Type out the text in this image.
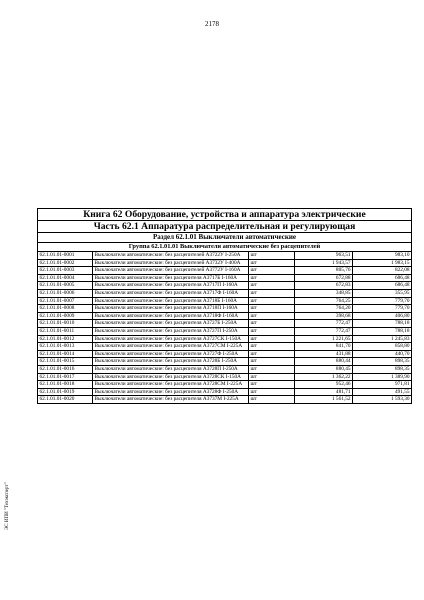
2178
ЭС ИПИ "Техэксперт"
Книга 62 Оборудование, устройства и аппаратура электрические				
Часть 62.1 Аппаратура распределительная и регулирующая				
Раздел 62.1.01 Выключатели автоматические				
Группа 62.1.01.01 Выключатели автоматические без расцепителей				
62.1.01.01-0001	Выключатели автоматические: без расцепителей А3722У I-250А	шт	963,51	983,10
62.1.01.01-0002	Выключатели автоматические: без расцепителей А3732У I-400А	шт	1 943,57	1 983,15
62.1.01.01-0003	Выключатели автоматические: без расцепителей А3772У I-160А	шт	805,76	822,08
62.1.01.01-0004	Выключатели автоматические: без расцепителя А3717Б I-160А	шт	672,88	686,48
62.1.01.01-0005	Выключатели автоматические: без расцепителя А3717П I-160А	шт	672,83	686,48
62.1.01.01-0006	Выключатели автоматические: без расцепителя А3717Ф I-160А	шт	348,85	355,95
62.1.01.01-0007	Выключатели автоматические: без расцепителя А3718Б I-160А	шт	764,25	779,70
62.1.01.01-0008	Выключатели автоматические: без расцепителя А3718П I-160А	шт	764,20	779,70
62.1.01.01-0009	Выключатели автоматические: без расцепителя А3718Ф I-160А	шт	398,68	406,80
62.1.01.01-0010	Выключатели автоматические: без расцепителя А3727Б I-250А	шт	772,47	788,18
62.1.01.01-0011	Выключатели автоматические: без расцепителя А3727П I-250А	шт	772,47	788,18
62.1.01.01-0012	Выключатели автоматические: без расцепителя А3727СК I-150А	шт	1 221,65	1 245,83
62.1.01.01-0013	Выключатели автоматические: без расцепителя А3727СМ I-225А	шт	841,70	858,80
62.1.01.01-0014	Выключатели автоматические: без расцепителя А3727Ф I-250А	шт	431,88	440,70
62.1.01.01-0015	Выключатели автоматические: без расцепителя А3728Б I-250А	шт	880,44	898,35
62.1.01.01-0016	Выключатели автоматические: без расцепителя А3728П I-250А	шт	880,45	898,35
62.1.01.01-0017	Выключатели автоматические: без расцепителя А3728СК I-150А	шт	1 362,22	1 389,90
62.1.01.01-0018	Выключатели автоматические: без расцепителя А3728СМ I-225А	шт	952,46	971,81
62.1.01.01-0019	Выключатели автоматические: без расцепителя А3728Ф I-250А	шт	481,71	491,55
62.1.01.01-0020	Выключатели автоматические: без расцепителя А3737М I-225А	шт	1 561,52	1 593,30
